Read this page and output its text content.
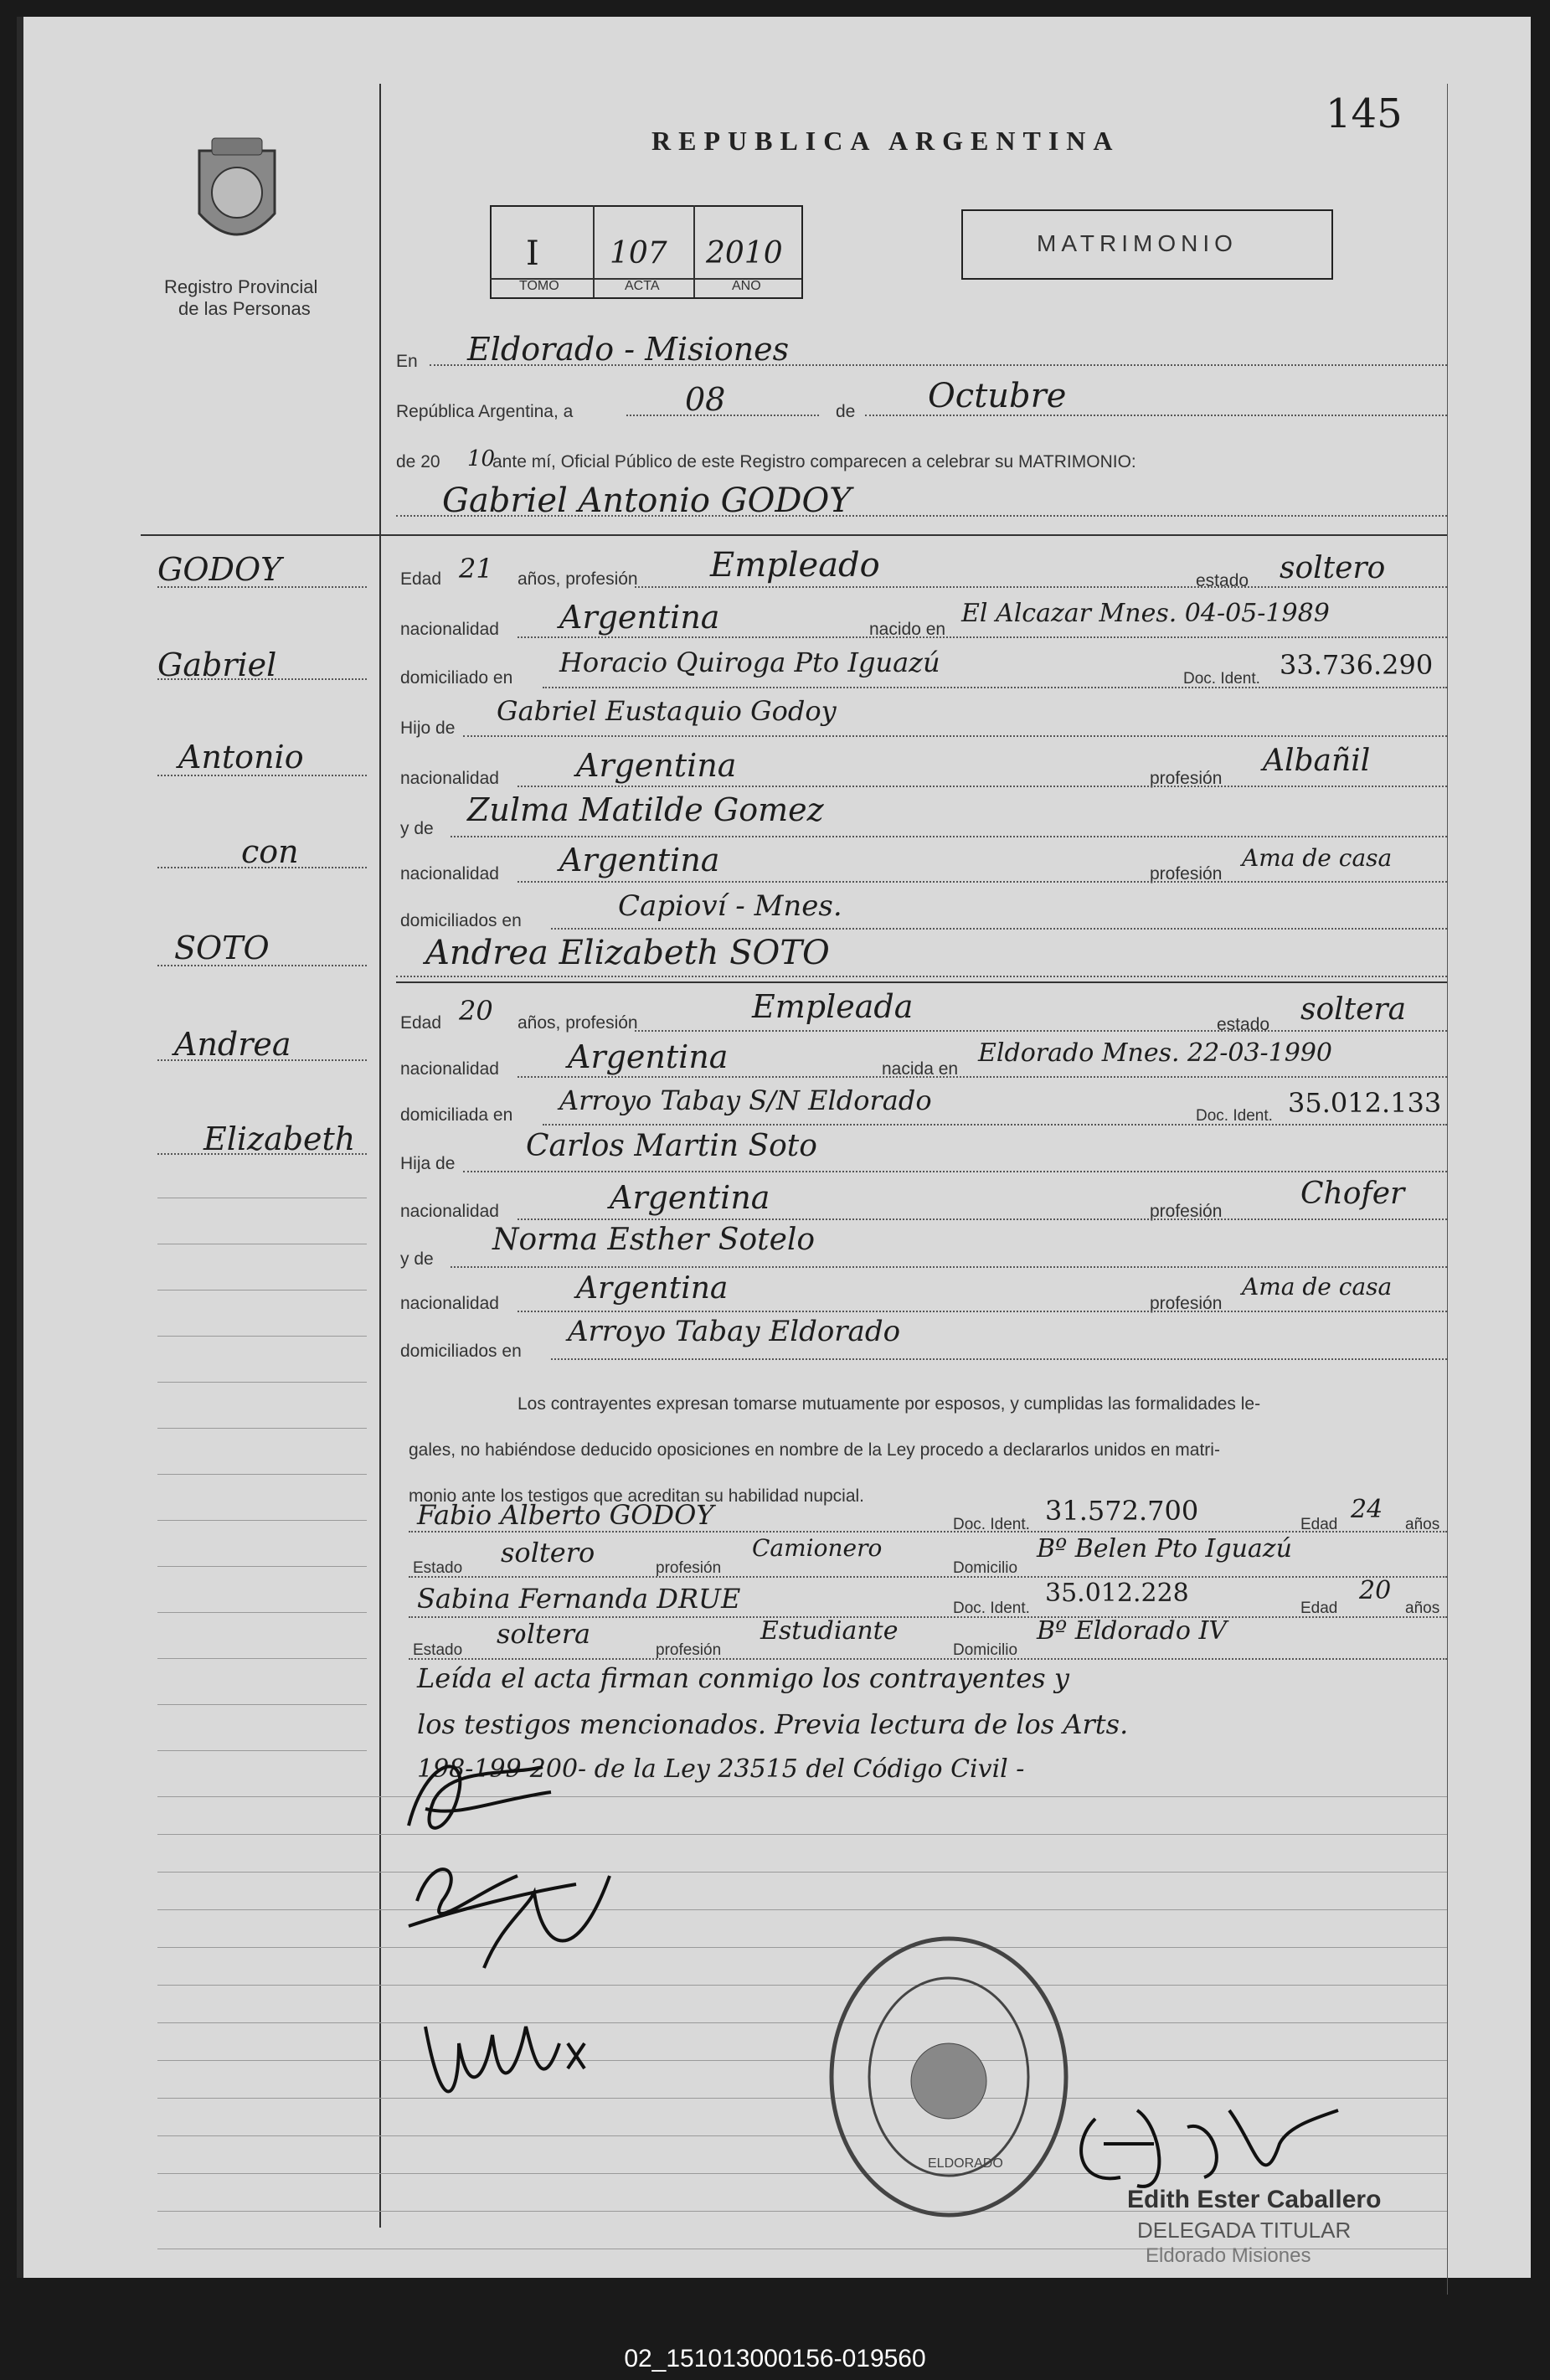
Registro Provincial
de las Personas
REPUBLICA ARGENTINA
145
I 107 2010
TOMO	ACTA	AÑO
MATRIMONIO
En Eldorado - Misiones
República Argentina, a	08	de Octubre
de 20 10
ante mí, Oficial Público de este Registro comparecen a celebrar su MATRIMONIO:
Gabriel Antonio GODOY
GODOY
Gabriel
Antonio
con
SOTO
Andrea
Elizabeth
Edad 21 años, profesión Empleado	estado soltero
nacionalidad Argentina	nacido en
El Alcazar Mnes. 04-05-1989
domiciliado en Horacio Quiroga Pto Iguazú
Doc. Ident. 33.736.290
Hijo de
Gabriel Eustaquio Godoy
nacionalidad Argentina	profesión
Albañil
y de
Zulma Matilde Gomez
nacionalidad Argentina	profesión
Ama de casa
domiciliados en	Capioví - Mnes.
Andrea Elizabeth SOTO
Edad 20 años, profesión	Empleada	estado soltera
nacionalidad Argentina	nacida en
Eldorado Mnes. 22-03-1990
domiciliada en Arroyo Tabay S/N Eldorado	Doc. Ident. 35.012.133
Hija de
Carlos Martin Soto
nacionalidad	Argentina	profesión
Chofer
y de
Norma Esther Sotelo
nacionalidad	Argentina	profesión
Ama de casa
domiciliados en
Arroyo Tabay Eldorado
Los contrayentes expresan tomarse mutuamente por esposos, y cumplidas las formalidades le-
gales, no habiéndose deducido oposiciones en nombre de la Ley procedo a declararlos unidos en matri-
monio ante los testigos que acreditan su habilidad nupcial.
Fabio Alberto GODOY	Doc. Ident. 31.572.700	Edad
24
años
Estado soltero	profesión
Camionero
Domicilio
Bº Belen Pto Iguazú
Sabina Fernanda DRUE	Doc. Ident.
35.012.228
Edad
20
años
Estado
soltera
profesión
Estudiante
Domicilio
Bº Eldorado IV
Leída el acta firman conmigo los contrayentes y
los testigos mencionados. Previa lectura de los Arts.
198-199-200- de la Ley 23515 del Código Civil -
ELDORADO
Edith Ester Caballero
DELEGADA TITULAR
Eldorado Misiones
02_151013000156-019560
